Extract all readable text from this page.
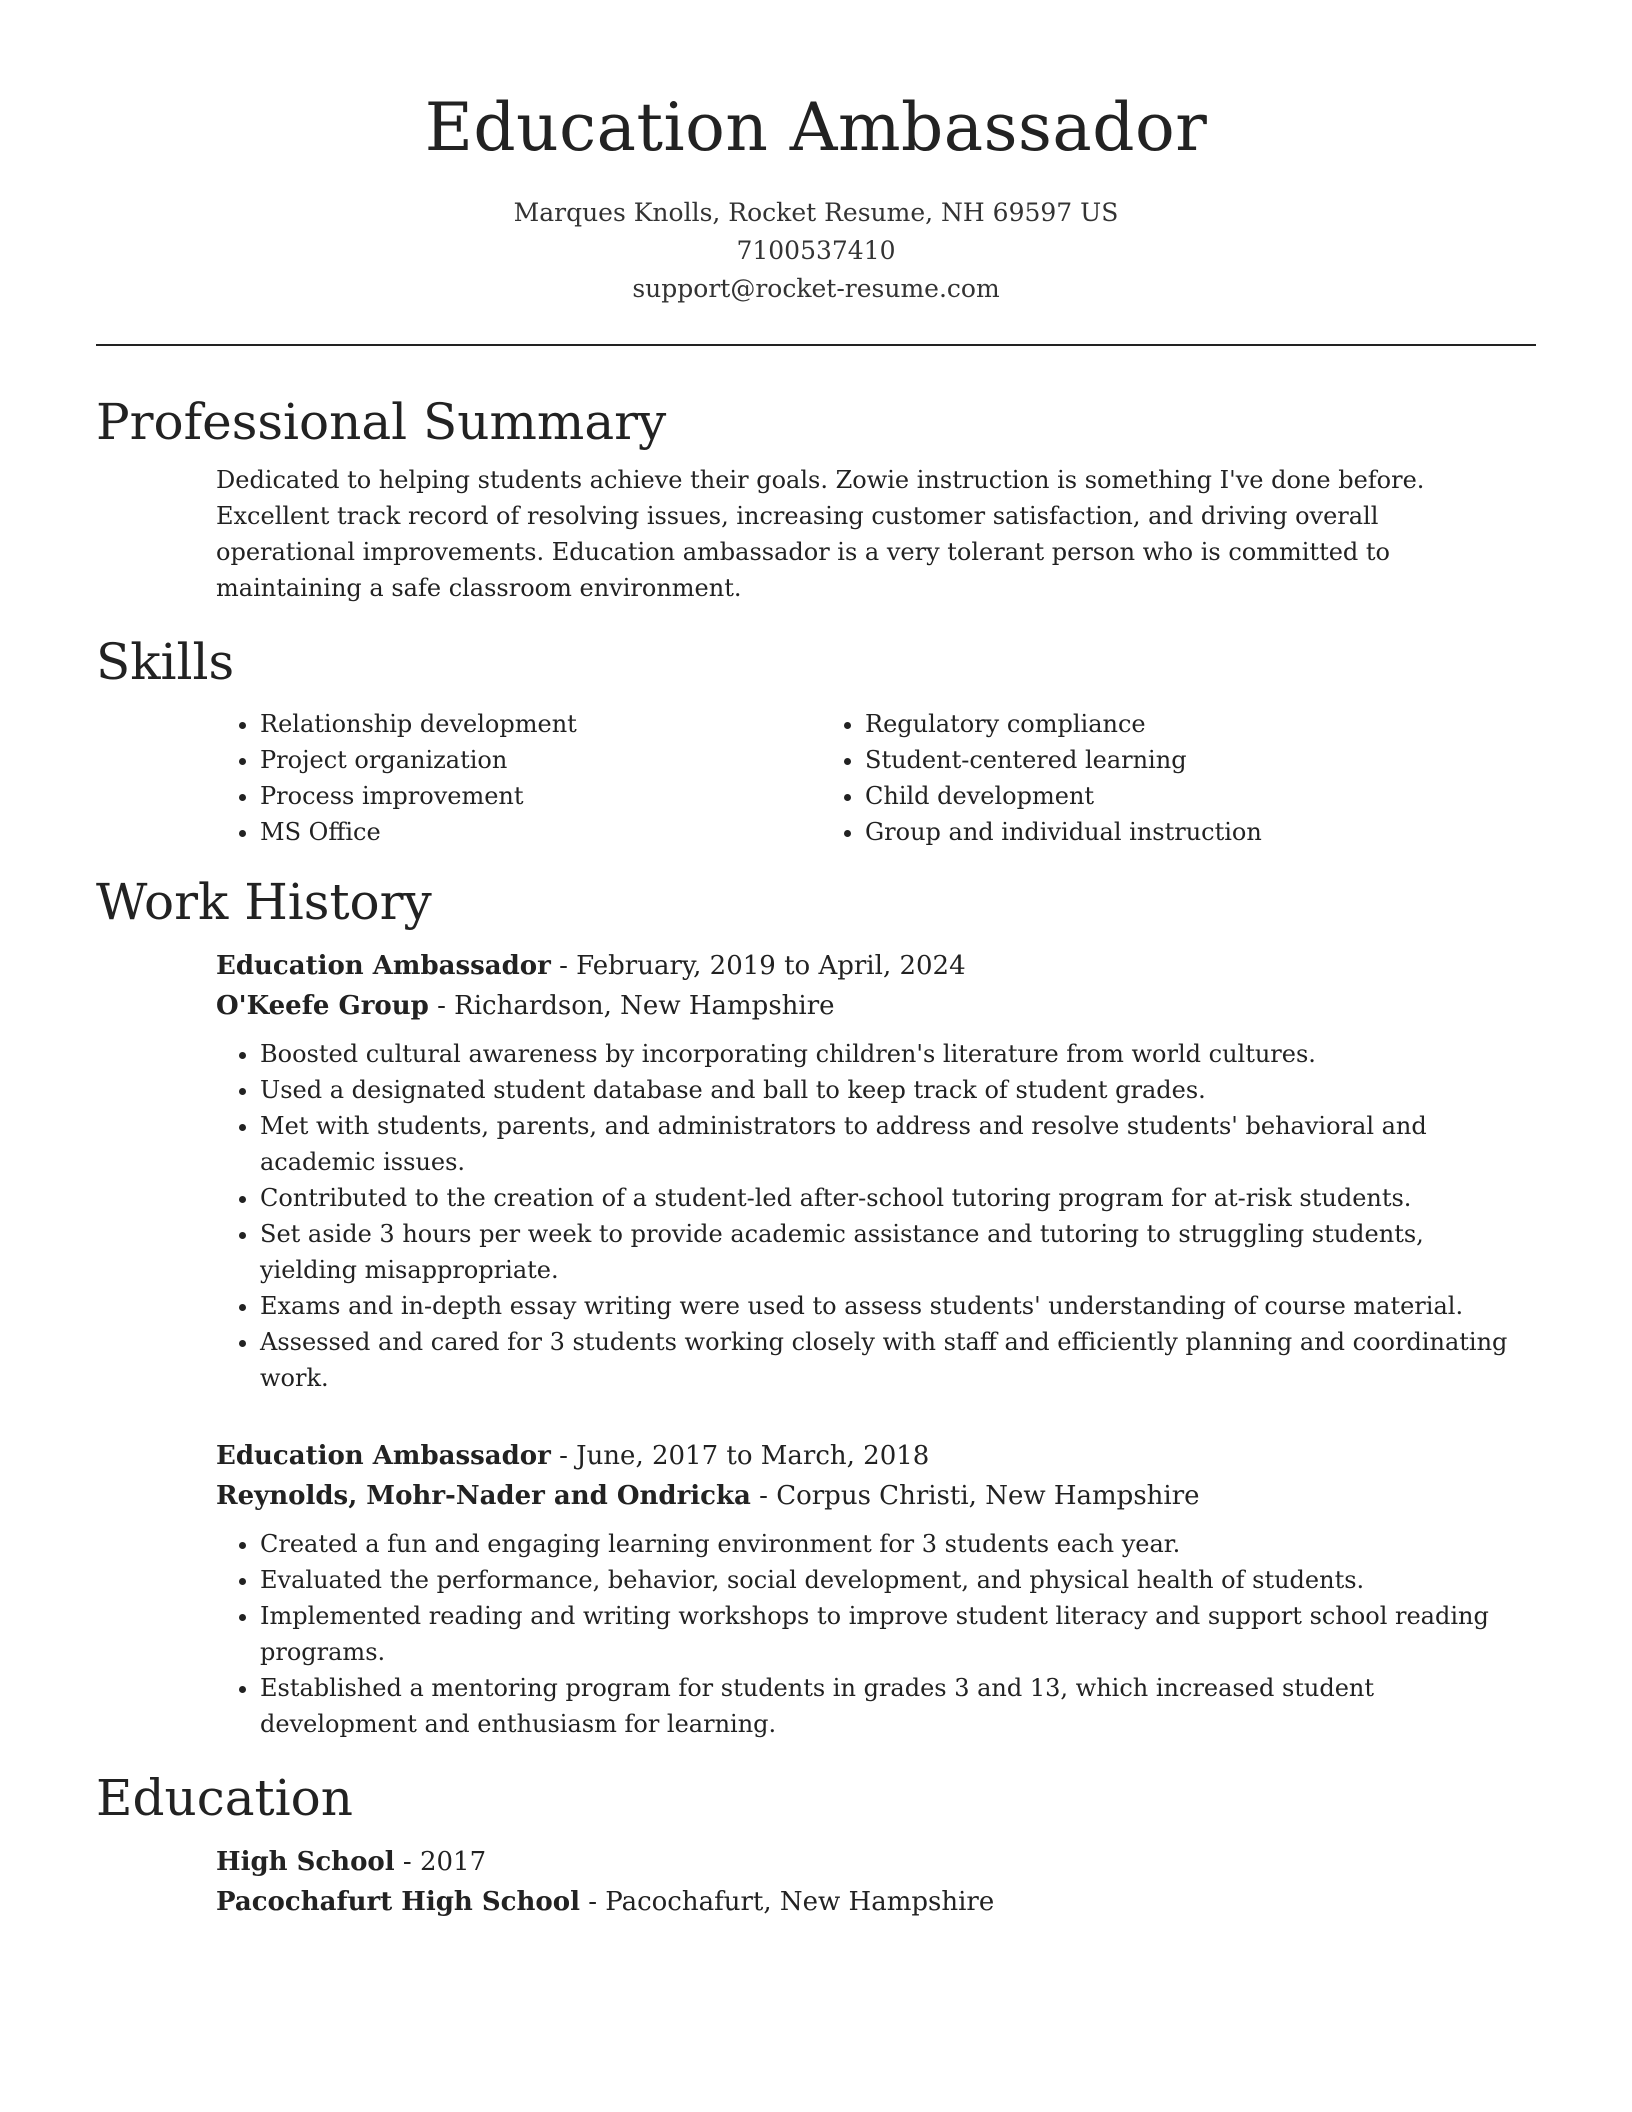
Education Ambassador
Marques Knolls, Rocket Resume, NH 69597 US
7100537410
support@rocket-resume.com
Professional Summary

Dedicated to helping students achieve their goals. Zowie instruction is something I've done before. Excellent track record of resolving issues, increasing customer satisfaction, and driving overall operational improvements. Education ambassador is a very tolerant person who is committed to maintaining a safe classroom environment.

Skills
• Relationship development
• Project organization
• Process improvement
• MS Office
• Regulatory compliance
• Student-centered learning
• Child development
• Group and individual instruction
Work History
Education Ambassador - February, 2019 to April, 2024
O'Keefe Group - Richardson, New Hampshire
• Boosted cultural awareness by incorporating children's literature from world cultures.
• Used a designated student database and ball to keep track of student grades.
• Met with students, parents, and administrators to address and resolve students' behavioral and academic issues.
• Contributed to the creation of a student-led after-school tutoring program for at-risk students.
• Set aside 3 hours per week to provide academic assistance and tutoring to struggling students, yielding misappropriate.
• Exams and in-depth essay writing were used to assess students' understanding of course material.
• Assessed and cared for 3 students working closely with staff and efficiently planning and coordinating work.
Education Ambassador - June, 2017 to March, 2018
Reynolds, Mohr-Nader and Ondricka - Corpus Christi, New Hampshire
• Created a fun and engaging learning environment for 3 students each year.
• Evaluated the performance, behavior, social development, and physical health of students.
• Implemented reading and writing workshops to improve student literacy and support school reading programs.
• Established a mentoring program for students in grades 3 and 13, which increased student development and enthusiasm for learning.
Education
High School - 2017
Pacochafurt High School - Pacochafurt, New Hampshire
